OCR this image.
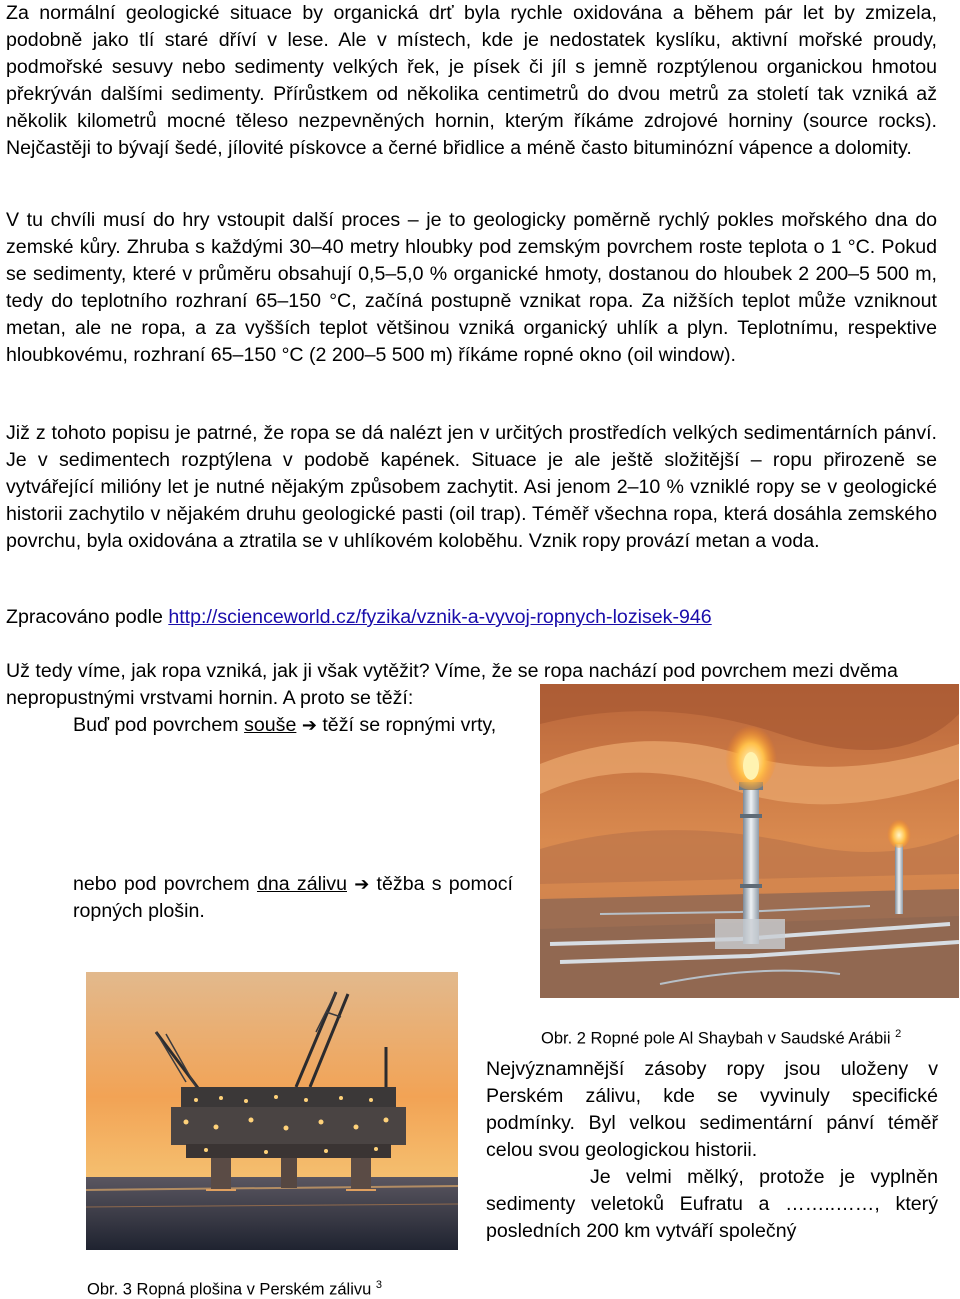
Za normální geologické situace by organická drť byla rychle oxidována a během pár let by zmizela, podobně jako tlí staré dříví v lese. Ale v místech, kde je nedostatek kyslíku, aktivní mořské proudy, podmořské sesuvy nebo sedimenty velkých řek, je písek či jíl s jemně rozptýlenou organickou hmotou překrýván dalšími sedimenty. Přírůstkem od několika centimetrů do dvou metrů za století tak vzniká až několik kilometrů mocné těleso nezpevněných hornin, kterým říkáme zdrojové horniny (source rocks). Nejčastěji to bývají šedé, jílovité pískovce a černé břidlice a méně často bituminózní vápence a dolomity.

V tu chvíli musí do hry vstoupit další proces – je to geologicky poměrně rychlý pokles mořského dna do zemské kůry. Zhruba s každými 30–40 metry hloubky pod zemským povrchem roste teplota o 1 °C. Pokud se sedimenty, které v průměru obsahují 0,5–5,0 % organické hmoty, dostanou do hloubek 2 200–5 500 m, tedy do teplotního rozhraní 65–150 °C, začíná postupně vznikat ropa. Za nižších teplot může vzniknout metan, ale ne ropa, a za vyšších teplot většinou vzniká organický uhlík a plyn. Teplotnímu, respektive hloubkovému, rozhraní 65–150 °C (2 200–5 500 m) říkáme ropné okno (oil window).

Již z tohoto popisu je patrné, že ropa se dá nalézt jen v určitých prostředích velkých sedimentárních pánví. Je v sedimentech rozptýlena v podobě kapének. Situace je ale ještě složitější – ropu přirozeně se vytvářející milióny let je nutné nějakým způsobem zachytit. Asi jenom 2–10 % vzniklé ropy se v geologické historii zachytilo v nějakém druhu geologické pasti (oil trap). Téměř všechna ropa, která dosáhla zemského povrchu, byla oxidována a ztratila se v uhlíkovém koloběhu. Vznik ropy provází metan a voda.

Zpracováno podle http://scienceworld.cz/fyzika/vznik-a-vyvoj-ropnych-lozisek-946

Už tedy víme, jak ropa vzniká, jak ji však vytěžit? Víme, že se ropa nachází pod povrchem mezi dvěma nepropustnými vrstvami hornin. A proto se těží:

Buď pod povrchem souše ➔ těží se ropnými vrty,

nebo pod povrchem dna zálivu ➔ těžba s pomocí ropných plošin.

Obr. 2 Ropné pole Al Shaybah v Saudské Arábii $^2$

Obr. 3 Ropná plošina v Perském zálivu $^3$

Nejvýznamnější zásoby ropy jsou uloženy v Perském zálivu, kde se vyvinuly specifické podmínky. Byl velkou sedimentární pánví téměř celou svou geologickou historii.

Je velmi mělký, protože je vyplněn sedimenty veletoků Eufratu a ……..……, který posledních 200 km vytváří společný
